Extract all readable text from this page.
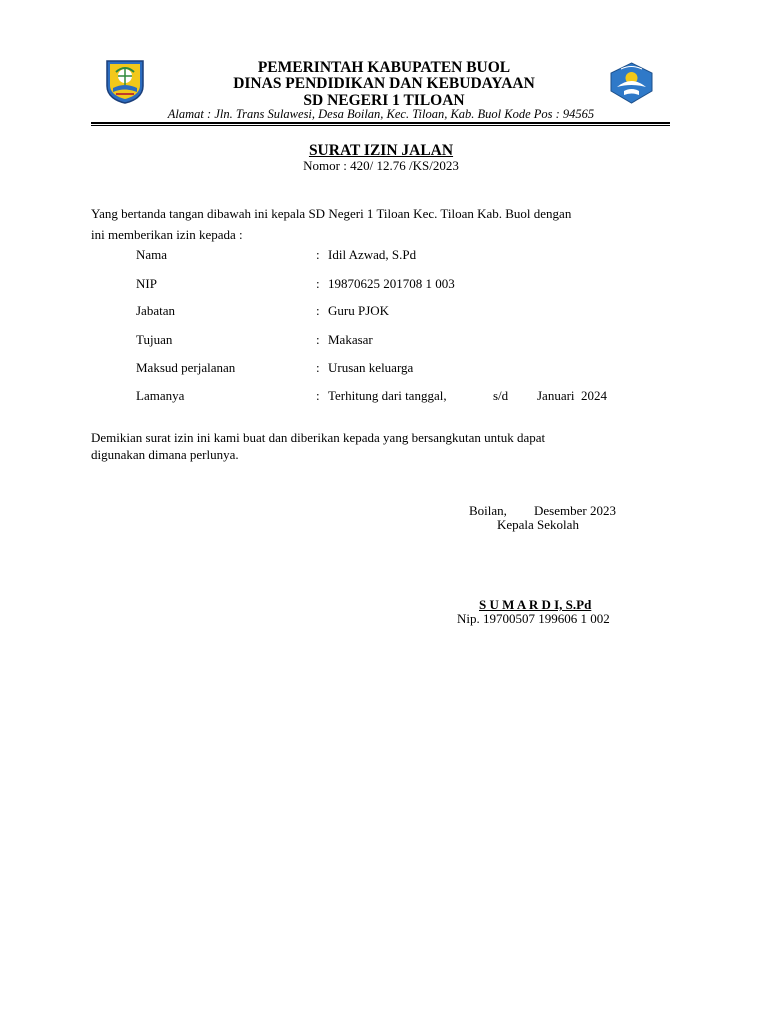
PEMERINTAH KABUPATEN BUOL
DINAS PENDIDIKAN DAN KEBUDAYAAN
SD NEGERI 1 TILOAN
Alamat : Jln. Trans Sulawesi, Desa Boilan, Kec. Tiloan, Kab. Buol Kode Pos : 94565
SURAT IZIN JALAN
Nomor : 420/ 12.76 /KS/2023
Yang bertanda tangan dibawah ini kepala SD Negeri 1 Tiloan Kec. Tiloan Kab. Buol dengan
ini memberikan izin kepada :
Nama	: Idil Azwad, S.Pd
NIP	: 19870625 201708 1 003
Jabatan	: Guru PJOK
Tujuan	: Makasar
Maksud perjalanan	: Urusan keluarga
Lamanya	: Terhitung dari tanggal,	s/d Januari  2024
Demikian surat izin ini kami buat dan diberikan kepada yang bersangkutan untuk dapat
digunakan dimana perlunya.
Boilan, Desember 2023
Kepala Sekolah
S U M A R D I, S.Pd
Nip. 19700507 199606 1 002
